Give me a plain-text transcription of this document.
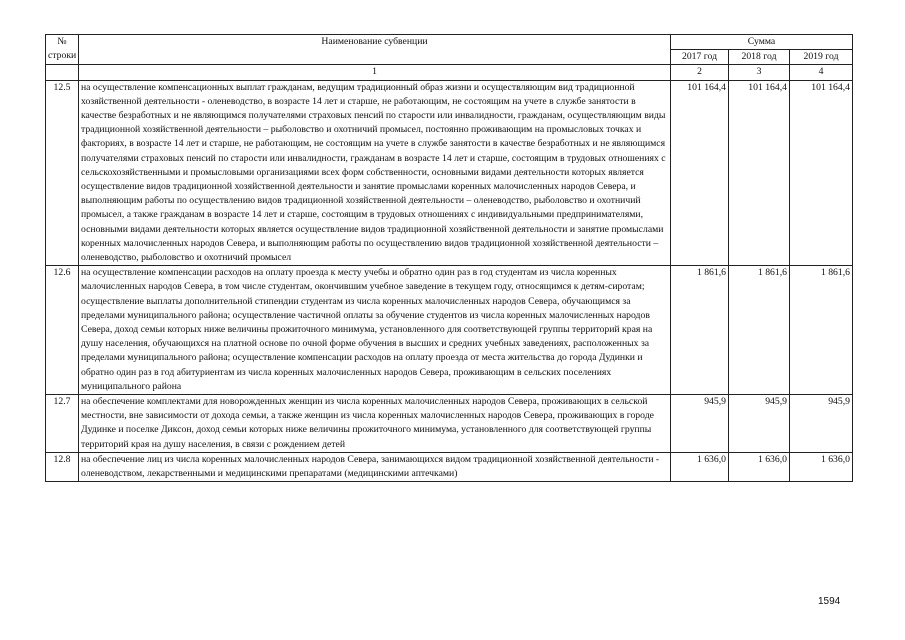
№
строки	Наименование субвенции	Сумма		
		2017 год	2018 год	2019 год
	1	2	3	4
12.5	на осуществление компенсационных выплат гражданам, ведущим традиционный образ жизни и осуществляющим вид традиционной хозяйственной деятельности - оленеводство, в возрасте 14 лет и старше, не работающим, не состоящим на учете в службе занятости в качестве безработных и не являющимся получателями страховых пенсий по старости или инвалидности, гражданам, осуществляющим виды традиционной хозяйственной деятельности – рыболовство и охотничий промысел, постоянно проживающим на промысловых точках и факториях, в возрасте 14 лет и старше, не работающим, не состоящим на учете в службе занятости в качестве безработных и не являющимся получателями страховых пенсий по старости или инвалидности, гражданам в возрасте 14 лет и старше, состоящим в трудовых отношениях с сельскохозяйственными и промысловыми организациями всех форм собственности, основными видами деятельности которых является осуществление видов традиционной хозяйственной деятельности и занятие промыслами коренных малочисленных народов Севера, и выполняющим работы по осуществлению видов традиционной хозяйственной деятельности – оленеводство, рыболовство и охотничий промысел, а также гражданам в возрасте 14 лет и старше, состоящим в трудовых отношениях с индивидуальными предпринимателями, основными видами деятельности которых является осуществление видов традиционной хозяйственной деятельности и занятие промыслами коренных малочисленных народов Севера, и выполняющим работы по осуществлению видов традиционной хозяйственной деятельности – оленеводство, рыболовство и охотничий промысел	101 164,4	101 164,4	101 164,4
12.6	на осуществление компенсации расходов на оплату проезда к месту учебы и обратно один раз в год студентам из числа коренных малочисленных народов Севера, в том числе студентам, окончившим учебное заведение в текущем году, относящимся к детям-сиротам; осуществление выплаты дополнительной стипендии студентам из числа коренных малочисленных народов Севера, обучающимся за пределами муниципального района; осуществление частичной оплаты за обучение студентов из числа коренных малочисленных народов Севера, доход семьи которых ниже величины прожиточного минимума, установленного для соответствующей группы территорий края на душу населения, обучающихся на платной основе по очной форме обучения в высших и средних учебных заведениях, расположенных за пределами муниципального района; осуществление компенсации расходов на оплату проезда от места жительства до города Дудинки и обратно один раз в год абитуриентам из числа коренных малочисленных народов Севера, проживающим в сельских поселениях муниципального района	1 861,6	1 861,6	1 861,6
12.7	на обеспечение комплектами для новорожденных женщин из числа коренных малочисленных народов Севера, проживающих в сельской местности, вне зависимости от дохода семьи, а также женщин из числа коренных малочисленных народов Севера, проживающих в городе Дудинке и поселке Диксон, доход семьи которых ниже величины прожиточного минимума, установленного для соответствующей группы территорий края на душу населения, в связи с рождением детей	945,9	945,9	945,9
12.8	на обеспечение лиц из числа коренных малочисленных народов Севера, занимающихся видом традиционной хозяйственной деятельности - оленеводством, лекарственными и медицинскими препаратами (медицинскими аптечками)	1 636,0	1 636,0	1 636,0
1594
